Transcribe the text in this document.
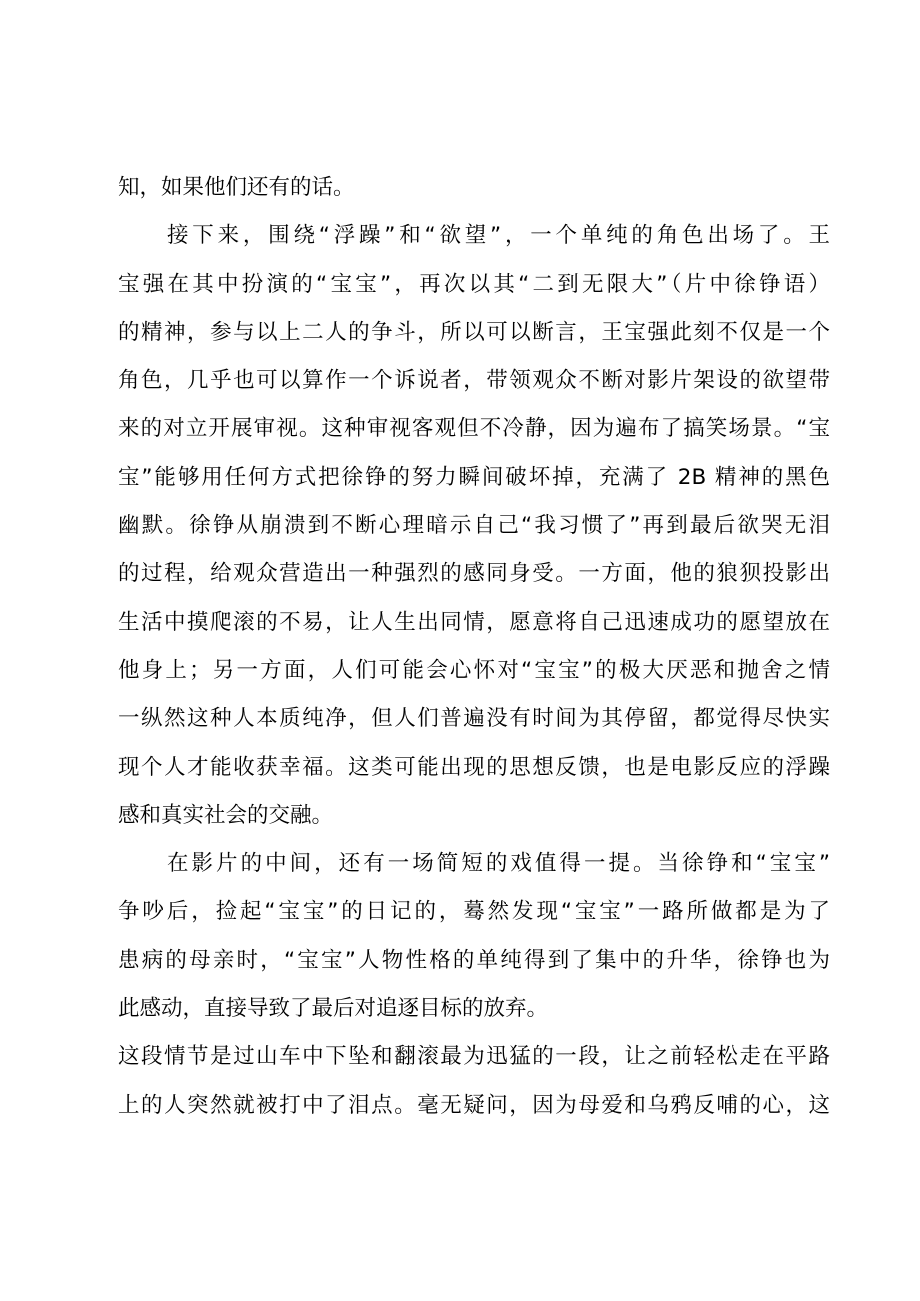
知，如果他们还有的话。
接下来，围绕“浮躁”和“欲望”，一个单纯的角色出场了。王
宝强在其中扮演的“宝宝”，再次以其“二到无限大”（片中徐铮语）
的精神，参与以上二人的争斗，所以可以断言，王宝强此刻不仅是一个
角色，几乎也可以算作一个诉说者，带领观众不断对影片架设的欲望带
来的对立开展审视。这种审视客观但不冷静，因为遍布了搞笑场景。“宝
宝”能够用任何方式把徐铮的努力瞬间破坏掉，充满了 2B 精神的黑色
幽默。徐铮从崩溃到不断心理暗示自己“我习惯了”再到最后欲哭无泪
的过程，给观众营造出一种强烈的感同身受。一方面，他的狼狈投影出
生活中摸爬滚的不易，让人生出同情，愿意将自己迅速成功的愿望放在
他身上；另一方面，人们可能会心怀对“宝宝”的极大厌恶和抛舍之情
一纵然这种人本质纯净，但人们普遍没有时间为其停留，都觉得尽快实
现个人才能收获幸福。这类可能出现的思想反馈，也是电影反应的浮躁
感和真实社会的交融。
在影片的中间，还有一场简短的戏值得一提。当徐铮和“宝宝”
争吵后，捡起“宝宝”的日记的，蓦然发现“宝宝”一路所做都是为了
患病的母亲时，“宝宝”人物性格的单纯得到了集中的升华，徐铮也为
此感动，直接导致了最后对追逐目标的放弃。
这段情节是过山车中下坠和翻滚最为迅猛的一段，让之前轻松走在平路
上的人突然就被打中了泪点。毫无疑问，因为母爱和乌鸦反哺的心，这
